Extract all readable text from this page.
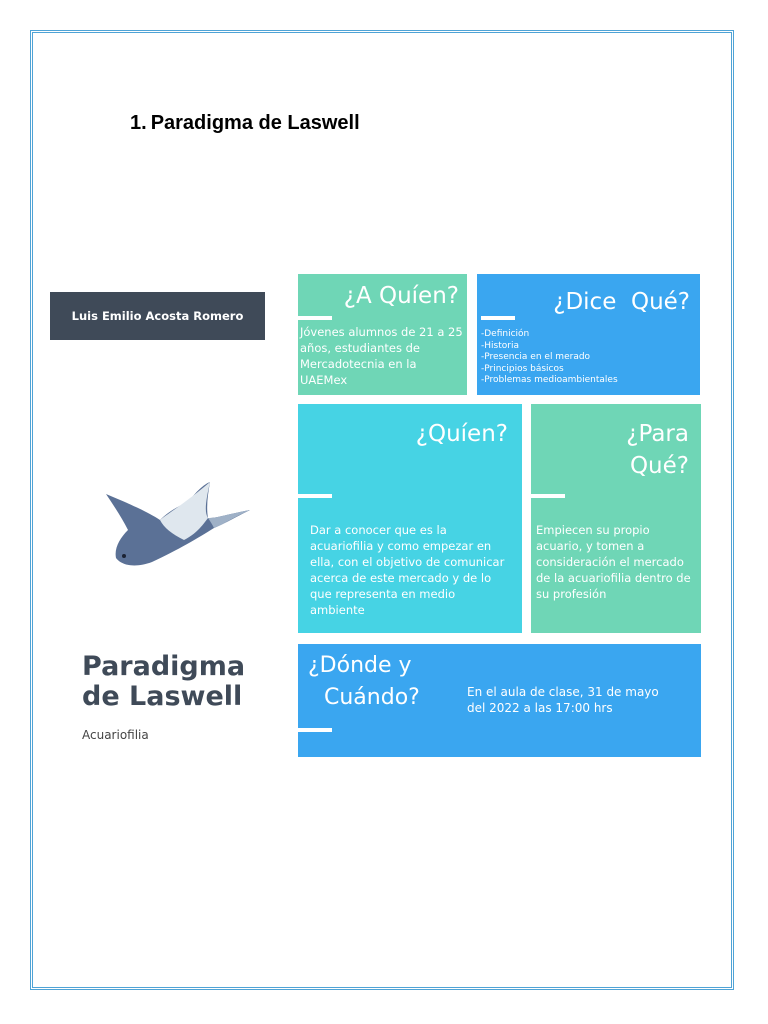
1. Paradigma de Laswell
Luis Emilio Acosta Romero
Paradigma de Laswell
Acuariofilia
¿A Quíen?
Jóvenes alumnos de 21 a 25 años, estudiantes de Mercadotecnia en la UAEMex
¿Dice  Qué?
-Definición
-Historia
-Presencia en el merado
-Principios básicos
-Problemas medioambientales
¿Quíen?
Dar a conocer que es la acuariofilia y como empezar en ella, con el objetivo de comunicar acerca de este mercado y de lo que representa en medio ambiente
¿Para
Qué?
Empiecen su propio acuario, y tomen a consideración el mercado de la acuariofilia dentro de su profesión
¿Dónde y
Cuándo?	En el aula de clase, 31 de mayo del 2022 a las 17:00 hrs
